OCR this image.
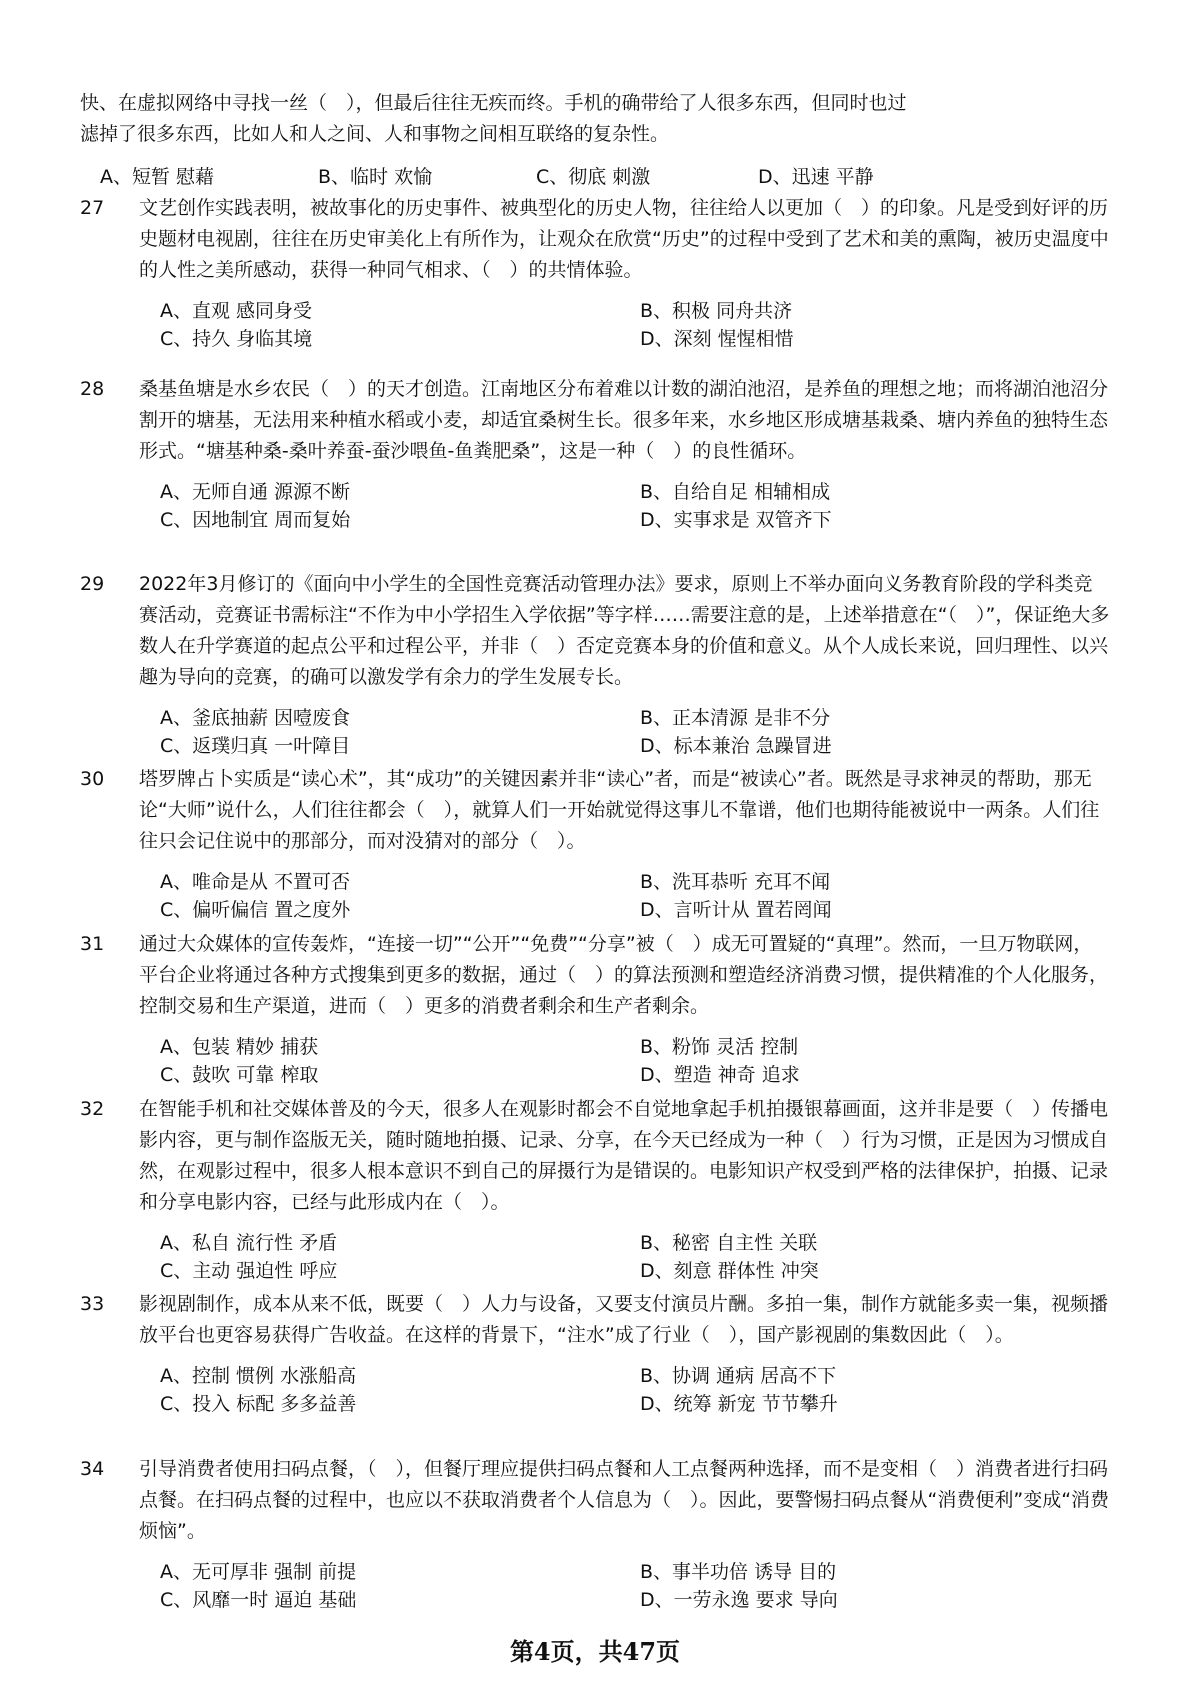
快、在虚拟网络中寻找一丝（　），但最后往往无疾而终。手机的确带给了人很多东西，但同时也过

滤掉了很多东西，比如人和人之间、人和事物之间相互联络的复杂性。

A、短暂 慰藉	B、临时 欢愉	C、彻底 刺激	D、迅速 平静
27 文艺创作实践表明，被故事化的历史事件、被典型化的历史人物，往往给人以更加（　）的印象。凡是受到好评的历史题材电视剧，往往在历史审美化上有所作为，让观众在欣赏“历史”的过程中受到了艺术和美的熏陶，被历史温度中的人性之美所感动，获得一种同气相求、（　）的共情体验。

A、直观 感同身受	B、积极 同舟共济
C、持久 身临其境	D、深刻 惺惺相惜
28 桑基鱼塘是水乡农民（　）的天才创造。江南地区分布着难以计数的湖泊池沼，是养鱼的理想之地；而将湖泊池沼分割开的塘基，无法用来种植水稻或小麦，却适宜桑树生长。很多年来，水乡地区形成塘基栽桑、塘内养鱼的独特生态形式。“塘基种桑-桑叶养蚕-蚕沙喂鱼-鱼粪肥桑”，这是一种（　）的良性循环。

A、无师自通 源源不断	B、自给自足 相辅相成
C、因地制宜 周而复始	D、实事求是 双管齐下
29 2022年3月修订的《面向中小学生的全国性竞赛活动管理办法》要求，原则上不举办面向义务教育阶段的学科类竞赛活动，竞赛证书需标注“不作为中小学招生入学依据”等字样……需要注意的是，上述举措意在“（　）”，保证绝大多数人在升学赛道的起点公平和过程公平，并非（　）否定竞赛本身的价值和意义。从个人成长来说，回归理性、以兴趣为导向的竞赛，的确可以激发学有余力的学生发展专长。

A、釜底抽薪 因噎废食	B、正本清源 是非不分
C、返璞归真 一叶障目	D、标本兼治 急躁冒进
30 塔罗牌占卜实质是“读心术”，其“成功”的关键因素并非“读心”者，而是“被读心”者。既然是寻求神灵的帮助，那无论“大师”说什么，人们往往都会（　），就算人们一开始就觉得这事儿不靠谱，他们也期待能被说中一两条。人们往往只会记住说中的那部分，而对没猜对的部分（　）。

A、唯命是从 不置可否	B、洗耳恭听 充耳不闻
C、偏听偏信 置之度外	D、言听计从 置若罔闻
31 通过大众媒体的宣传轰炸，“连接一切”“公开”“免费”“分享”被（　）成无可置疑的“真理”。然而，一旦万物联网，平台企业将通过各种方式搜集到更多的数据，通过（　）的算法预测和塑造经济消费习惯，提供精准的个人化服务，控制交易和生产渠道，进而（　）更多的消费者剩余和生产者剩余。

A、包装 精妙 捕获	B、粉饰 灵活 控制
C、鼓吹 可靠 榨取	D、塑造 神奇 追求
32 在智能手机和社交媒体普及的今天，很多人在观影时都会不自觉地拿起手机拍摄银幕画面，这并非是要（　）传播电影内容，更与制作盗版无关，随时随地拍摄、记录、分享，在今天已经成为一种（　）行为习惯，正是因为习惯成自然，在观影过程中，很多人根本意识不到自己的屏摄行为是错误的。电影知识产权受到严格的法律保护，拍摄、记录和分享电影内容，已经与此形成内在（　）。

A、私自 流行性 矛盾	B、秘密 自主性 关联
C、主动 强迫性 呼应	D、刻意 群体性 冲突
33 影视剧制作，成本从来不低，既要（　）人力与设备，又要支付演员片酬。多拍一集，制作方就能多卖一集，视频播放平台也更容易获得广告收益。在这样的背景下，“注水”成了行业（　），国产影视剧的集数因此（　）。

A、控制 惯例 水涨船高	B、协调 通病 居高不下
C、投入 标配 多多益善	D、统筹 新宠 节节攀升
34 引导消费者使用扫码点餐，（　），但餐厅理应提供扫码点餐和人工点餐两种选择，而不是变相（　）消费者进行扫码点餐。在扫码点餐的过程中，也应以不获取消费者个人信息为（　）。因此，要警惕扫码点餐从“消费便利”变成“消费烦恼”。

A、无可厚非 强制 前提	B、事半功倍 诱导 目的
C、风靡一时 逼迫 基础	D、一劳永逸 要求 导向
第4页，共47页
